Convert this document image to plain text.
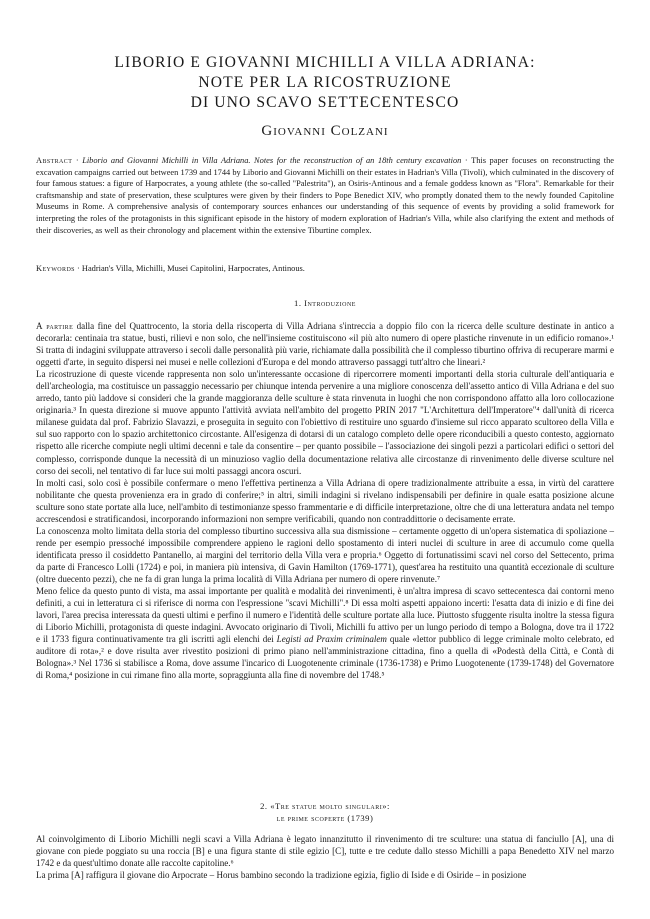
LIBORIO E GIOVANNI MICHILLI A VILLA ADRIANA:
NOTE PER LA RICOSTRUZIONE
DI UNO SCAVO SETTECENTESCO
Giovanni Colzani
Abstract · Liborio and Giovanni Michilli in Villa Adriana. Notes for the reconstruction of an 18th century excavation · This paper focuses on reconstructing the excavation campaigns carried out between 1739 and 1744 by Liborio and Giovanni Michilli on their estates in Hadrian's Villa (Tivoli), which culminated in the discovery of four famous statues: a figure of Harpocrates, a young athlete (the so-called "Palestrita"), an Osiris-Antinous and a female goddess known as "Flora". Remarkable for their craftsmanship and state of preservation, these sculptures were given by their finders to Pope Benedict XIV, who promptly donated them to the newly founded Capitoline Museums in Rome. A comprehensive analysis of contemporary sources enhances our understanding of this sequence of events by providing a solid framework for interpreting the roles of the protagonists in this significant episode in the history of modern exploration of Hadrian's Villa, while also clarifying the extent and methods of their discoveries, as well as their chronology and placement within the extensive Tiburtine complex.
Keywords · Hadrian's Villa, Michilli, Musei Capitolini, Harpocrates, Antinous.
1. Introduzione

A partire dalla fine del Quattrocento, la storia della riscoperta di Villa Adriana s'intreccia a doppio filo con la ricerca delle sculture destinate in antico a decorarla: centinaia tra statue, busti, rilievi e non solo, che nell'insieme costituiscono «il più alto numero di opere plastiche rinvenute in un edificio romano».¹ Si tratta di indagini sviluppate attraverso i secoli dalle personalità più varie, richiamate dalla possibilità che il complesso tiburtino offriva di recuperare marmi e oggetti d'arte, in seguito dispersi nei musei e nelle collezioni d'Europa e del mondo attraverso passaggi tutt'altro che lineari.²

La ricostruzione di queste vicende rappresenta non solo un'interessante occasione di ripercorrere momenti importanti della storia culturale dell'antiquaria e dell'archeologia, ma costituisce un passaggio necessario per chiunque intenda pervenire a una migliore conoscenza dell'assetto antico di Villa Adriana e del suo arredo, tanto più laddove si consideri che la grande maggioranza delle sculture è stata rinvenuta in luoghi che non corrispondono affatto alla loro collocazione originaria.³ In questa direzione si muove appunto l'attività avviata nell'ambito del progetto PRIN 2017 "L'Architettura dell'Imperatore"⁴ dall'unità di ricerca milanese guidata dal prof. Fabrizio Slavazzi, e proseguita in seguito con l'obiettivo di restituire uno sguardo d'insieme sul ricco apparato scultoreo della Villa e sul suo rapporto con lo spazio architettonico circostante. All'esigenza di dotarsi di un catalogo completo delle opere riconducibili a questo contesto, aggiornato rispetto alle ricerche compiute negli ultimi decenni e tale da consentire – per quanto possibile – l'associazione dei singoli pezzi a particolari edifici o settori del complesso, corrisponde dunque la necessità di un minuzioso vaglio della documentazione relativa alle circostanze di rinvenimento delle diverse sculture nel corso dei secoli, nel tentativo di far luce sui molti passaggi ancora oscuri.

In molti casi, solo così è possibile confermare o meno l'effettiva pertinenza a Villa Adriana di opere tradizionalmente attribuite a essa, in virtù del carattere nobilitante che questa provenienza era in grado di conferire;⁵ in altri, simili indagini si rivelano indispensabili per definire in quale esatta posizione alcune sculture sono state portate alla luce, nell'ambito di testimonianze spesso frammentarie e di difficile interpretazione, oltre che di una letteratura andata nel tempo accrescendosi e stratificandosi, incorporando informazioni non sempre verificabili, quando non contraddittorie o decisamente errate.

La conoscenza molto limitata della storia del complesso tiburtino successiva alla sua dismissione – certamente oggetto di un'opera sistematica di spoliazione – rende per esempio pressoché impossibile comprendere appieno le ragioni dello spostamento di interi nuclei di sculture in aree di accumulo come quella identificata presso il cosiddetto Pantanello, ai margini del territorio della Villa vera e propria.⁶ Oggetto di fortunatissimi scavi nel corso del Settecento, prima da parte di Francesco Lolli (1724) e poi, in maniera più intensiva, di Gavin Hamilton (1769-1771), quest'area ha restituito una quantità eccezionale di sculture (oltre duecento pezzi), che ne fa di gran lunga la prima località di Villa Adriana per numero di opere rinvenute.⁷

Meno felice da questo punto di vista, ma assai importante per qualità e modalità dei rinvenimenti, è un'altra impresa di scavo settecentesca dai contorni meno definiti, a cui in letteratura ci si riferisce di norma con l'espressione "scavi Michilli".⁸ Di essa molti aspetti appaiono incerti: l'esatta data di inizio e di fine dei lavori, l'area precisa interessata da questi ultimi e perfino il numero e l'identità delle sculture portate alla luce. Piuttosto sfuggente risulta inoltre la stessa figura di Liborio Michilli, protagonista di queste indagini. Avvocato originario di Tivoli, Michilli fu attivo per un lungo periodo di tempo a Bologna, dove tra il 1722 e il 1733 figura continuativamente tra gli iscritti agli elenchi dei Legisti ad Praxim criminalem quale «lettor pubblico di legge criminale molto celebrato, ed auditore di rota»,² e dove risulta aver rivestito posizioni di primo piano nell'amministrazione cittadina, fino a quella di «Podestà della Città, e Contà di Bologna».³ Nel 1736 si stabilisce a Roma, dove assume l'incarico di Luogotenente criminale (1736-1738) e Primo Luogotenente (1739-1748) del Governatore di Roma,⁴ posizione in cui rimane fino alla morte, sopraggiunta alla fine di novembre del 1748.⁵

2. «Tre statue molto singulari»:
le prime scoperte (1739)

Al coinvolgimento di Liborio Michilli negli scavi a Villa Adriana è legato innanzitutto il rinvenimento di tre sculture: una statua di fanciullo [A], una di giovane con piede poggiato su una roccia [B] e una figura stante di stile egizio [C], tutte e tre cedute dallo stesso Michilli a papa Benedetto XIV nel marzo 1742 e da quest'ultimo donate alle raccolte capitoline.⁶

La prima [A] raffigura il giovane dio Arpocrate – Horus bambino secondo la tradizione egizia, figlio di Iside e di Osiride – in posizione
